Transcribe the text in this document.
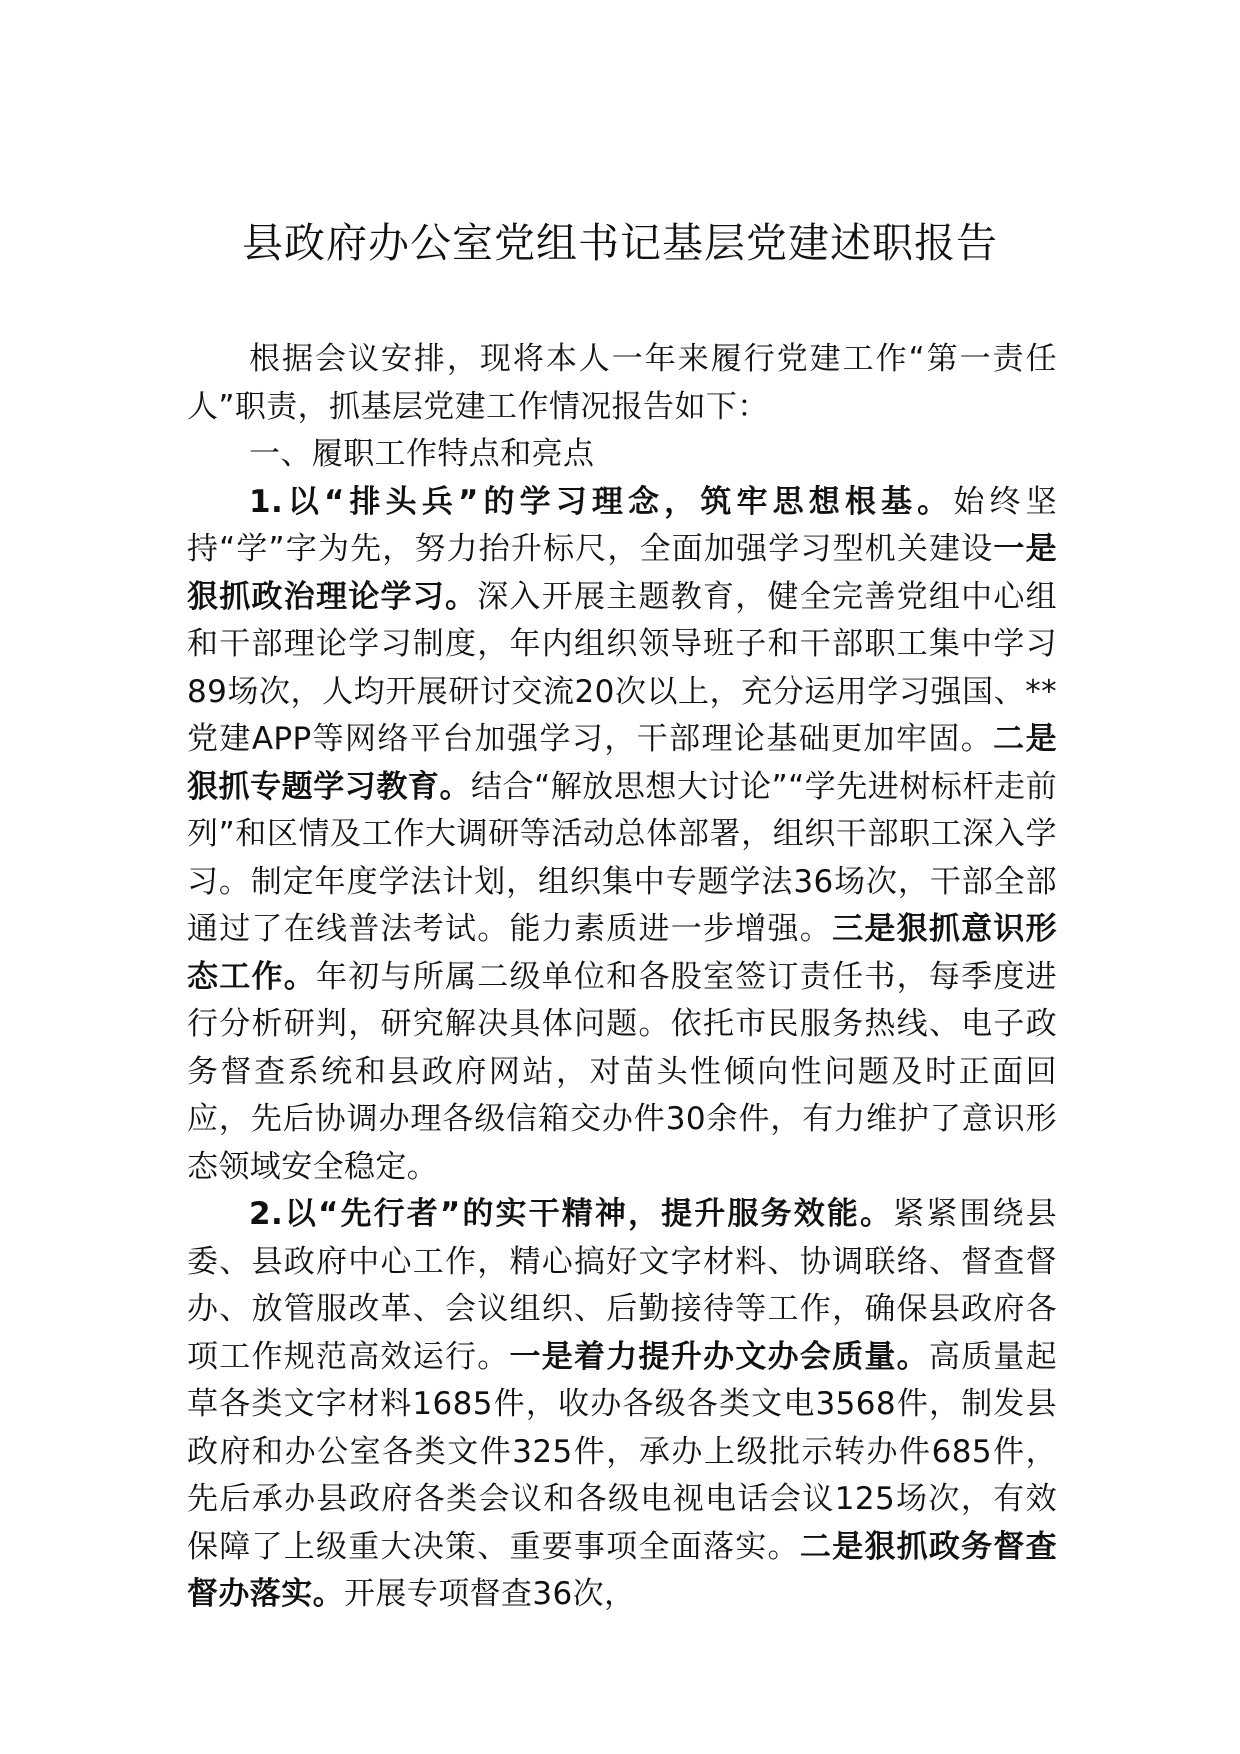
县政府办公室党组书记基层党建述职报告

根据会议安排，现将本人一年来履行党建工作“第一责任人”职责，抓基层党建工作情况报告如下：

一、履职工作特点和亮点

1.以“排头兵”的学习理念，筑牢思想根基。始终坚持“学”字为先，努力抬升标尺，全面加强学习型机关建设一是狠抓政治理论学习。深入开展主题教育，健全完善党组中心组和干部理论学习制度，年内组织领导班子和干部职工集中学习89场次，人均开展研讨交流20次以上，充分运用学习强国、**党建APP等网络平台加强学习，干部理论基础更加牢固。二是狠抓专题学习教育。结合“解放思想大讨论”“学先进树标杆走前列”和区情及工作大调研等活动总体部署，组织干部职工深入学习。制定年度学法计划，组织集中专题学法36场次，干部全部通过了在线普法考试。能力素质进一步增强。三是狠抓意识形态工作。年初与所属二级单位和各股室签订责任书，每季度进行分析研判，研究解决具体问题。依托市民服务热线、电子政务督查系统和县政府网站，对苗头性倾向性问题及时正面回应，先后协调办理各级信箱交办件30余件，有力维护了意识形态领域安全稳定。

2.以“先行者”的实干精神，提升服务效能。紧紧围绕县委、县政府中心工作，精心搞好文字材料、协调联络、督查督办、放管服改革、会议组织、后勤接待等工作，确保县政府各项工作规范高效运行。一是着力提升办文办会质量。高质量起草各类文字材料1685件，收办各级各类文电3568件，制发县政府和办公室各类文件325件，承办上级批示转办件685件，先后承办县政府各类会议和各级电视电话会议125场次，有效保障了上级重大决策、重要事项全面落实。二是狠抓政务督查督办落实。开展专项督查36次，
